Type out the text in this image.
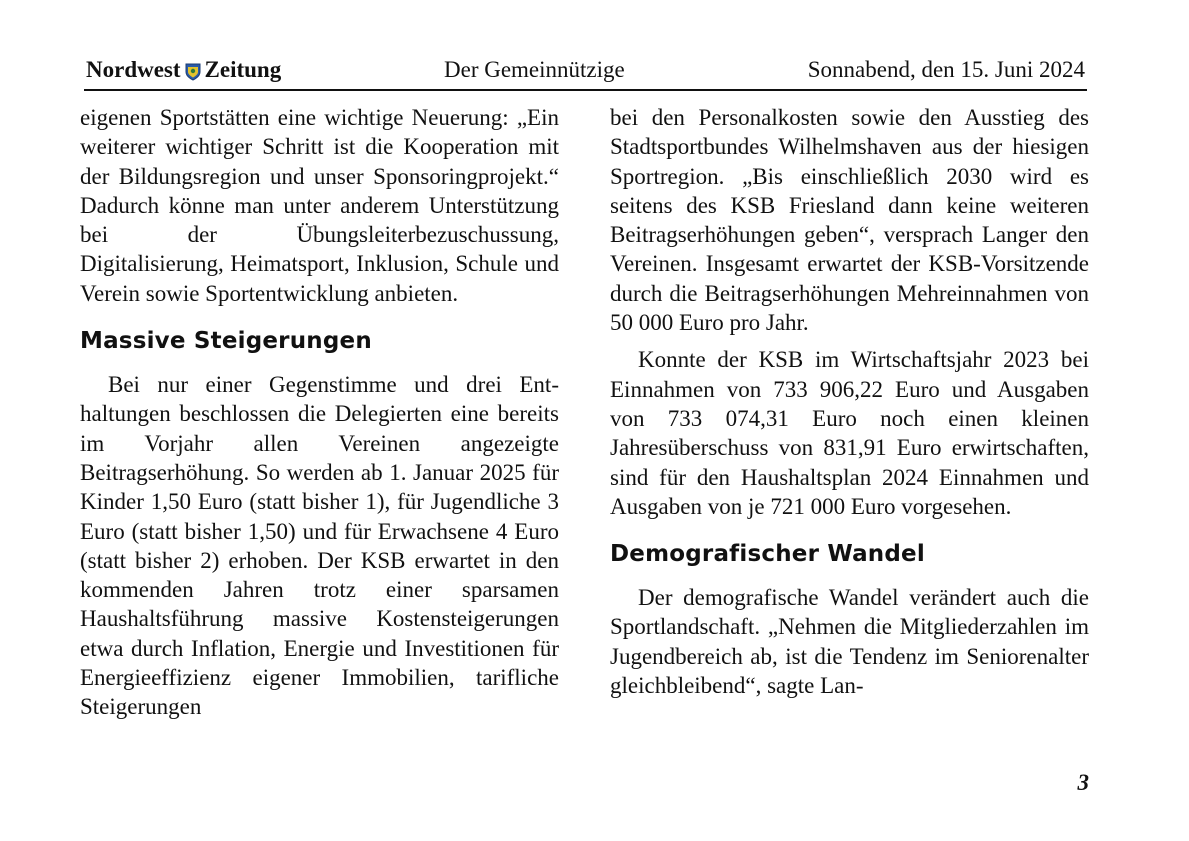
Nordwest Zeitung	Der Gemeinnützige	Sonnabend, den 15. Juni 2024

eigenen Sportstätten eine wichtige Neuerung: „Ein weiterer wichtiger Schritt ist die Kooperation mit der Bildungsregion und unser Sponsoringprojekt.“ Dadurch könne man unter anderem Unterstützung bei der Übungsleiterbezuschussung, Digitalisierung, Heimatsport, Inklusion, Schule und Verein sowie Sportentwicklung anbieten.

Massive Steigerungen

Bei nur einer Gegenstimme und drei Enthaltungen beschlossen die Delegierten eine bereits im Vorjahr allen Vereinen angezeigte Beitragserhöhung. So werden ab 1. Januar 2025 für Kinder 1,50 Euro (statt bisher 1), für Jugendliche 3 Euro (statt bisher 1,50) und für Erwachsene 4 Euro (statt bisher 2) erhoben. Der KSB erwartet in den kommenden Jahren trotz einer sparsamen Haushaltsführung massive Kostensteigerungen etwa durch Inflation, Energie und Investitionen für Energieeffizienz eigener Immobilien, tarifliche Steigerungen

bei den Personalkosten sowie den Ausstieg des Stadtsportbundes Wilhelmshaven aus der hiesigen Sportregion. „Bis einschließlich 2030 wird es seitens des KSB Friesland dann keine weiteren Beitragserhöhungen geben“, versprach Langer den Vereinen. Insgesamt erwartet der KSB-Vorsitzende durch die Beitragserhöhungen Mehreinnahmen von 50 000 Euro pro Jahr.

Konnte der KSB im Wirtschaftsjahr 2023 bei Einnahmen von 733 906,22 Euro und Ausgaben von 733 074,31 Euro noch einen kleinen Jahresüberschuss von 831,91 Euro erwirtschaften, sind für den Haushaltsplan 2024 Einnahmen und Ausgaben von je 721 000 Euro vorgesehen.

Demografischer Wandel

Der demografische Wandel verändert auch die Sportlandschaft. „Nehmen die Mitgliederzahlen im Jugendbereich ab, ist die Tendenz im Seniorenalter gleichbleibend“, sagte Lan-

3
